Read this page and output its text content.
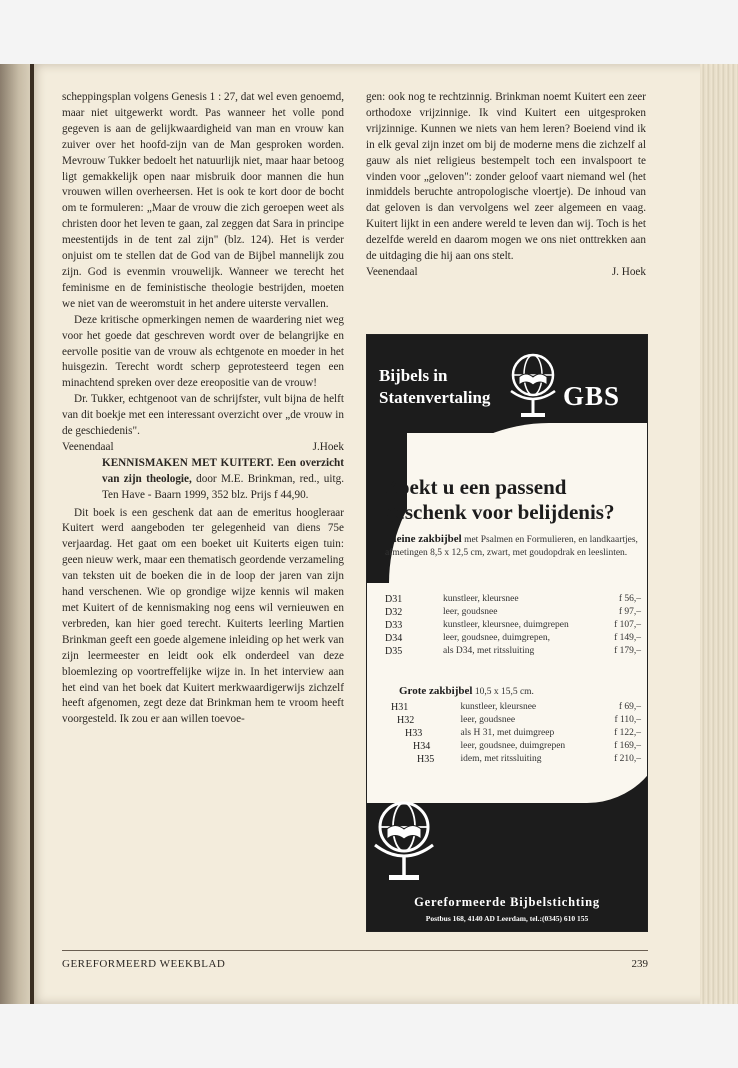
scheppingsplan volgens Genesis 1 : 27, dat wel even genoemd, maar niet uitgewerkt wordt. Pas wanneer het volle pond gegeven is aan de gelijkwaardigheid van man en vrouw kan zuiver over het hoofd-zijn van de Man gesproken worden. Mevrouw Tukker bedoelt het natuurlijk niet, maar haar betoog ligt gemakkelijk open naar misbruik door mannen die hun vrouwen willen overheersen. Het is ook te kort door de bocht om te formuleren: „Maar de vrouw die zich geroepen weet als christen door het leven te gaan, zal zeggen dat Sara in principe meestentijds in de tent zal zijn" (blz. 124). Het is verder onjuist om te stellen dat de God van de Bijbel mannelijk zou zijn. God is evenmin vrouwelijk. Wanneer we terecht het feminisme en de feministische theologie bestrijden, moeten we niet van de weeromstuit in het andere uiterste vervallen.

Deze kritische opmerkingen nemen de waardering niet weg voor het goede dat geschreven wordt over de belangrijke en eervolle positie van de vrouw als echtgenote en moeder in het huisgezin. Terecht wordt scherp geprotesteerd tegen een minachtend spreken over deze ereopositie van de vrouw!

Dr. Tukker, echtgenoot van de schrijfster, vult bijna de helft van dit boekje met een interessant overzicht over „de vrouw in de geschiedenis".

Veenendaal	J.Hoek

KENNISMAKEN MET KUITERT. Een overzicht van zijn theologie, door M.E. Brinkman, red., uitg. Ten Have - Baarn 1999, 352 blz. Prijs f 44,90.

Dit boek is een geschenk dat aan de emeritus hoogleraar Kuitert werd aangeboden ter gelegenheid van diens 75e verjaardag. Het gaat om een boeket uit Kuiterts eigen tuin: geen nieuw werk, maar een thematisch geordende verzameling van teksten uit de boeken die in de loop der jaren van zijn hand verschenen. Wie op grondige wijze kennis wil maken met Kuitert of de kennismaking nog eens wil vernieuwen en verbreden, kan hier goed terecht. Kuiterts leerling Martien Brinkman geeft een goede algemene inleiding op het werk van zijn leermeester en leidt ook elk onderdeel van deze bloemlezing op voortreffelijke wijze in. In het interview aan het eind van het boek dat Kuitert merkwaardigerwijs zichzelf heeft afgenomen, zegt deze dat Brinkman hem te vroom heeft voorgesteld. Ik zou er aan willen toevoe-

gen: ook nog te rechtzinnig. Brinkman noemt Kuitert een zeer orthodoxe vrijzinnige. Ik vind Kuitert een uitgesproken vrijzinnige. Kunnen we niets van hem leren? Boeiend vind ik in elk geval zijn inzet om bij de moderne mens die zichzelf al gauw als niet religieus bestempelt toch een invalspoort te vinden voor „geloven": zonder geloof vaart niemand wel (het inmiddels beruchte antropologische vloertje). De inhoud van dat geloven is dan vervolgens wel zeer algemeen en vaag. Kuitert lijkt in een andere wereld te leven dan wij. Toch is het dezelfde wereld en daarom mogen we ons niet onttrekken aan de uitdaging die hij aan ons stelt.

Veenendaal	J. Hoek
Bijbels in
Statenvertaling	GBS
Zoekt u een passend geschenk voor belijdenis?
Kleine zakbijbel met Psalmen en Formulieren, en landkaartjes, afmetingen 8,5 x 12,5 cm, zwart, met goudopdrak en leeslinten.
D31	kunstleer, kleursnee	f 56,–
D32	leer, goudsnee	f 97,–
D33	kunstleer, kleursnee, duimgrepen	f 107,–
D34	leer, goudsnee, duimgrepen,	f 149,–
D35	als D34, met ritssluiting	f 179,–
Grote zakbijbel 10,5 x 15,5 cm.
H31	kunstleer, kleursnee	f 69,–
H32	leer, goudsnee	f 110,–
H33	als H 31, met duimgreep	f 122,–
H34	leer, goudsnee, duimgrepen	f 169,–
H35	idem, met ritssluiting	f 210,–
Gereformeerde Bijbelstichting
Postbus 168, 4140 AD Leerdam, tel.:(0345) 610 155
GEREFORMEERD WEEKBLAD	239
